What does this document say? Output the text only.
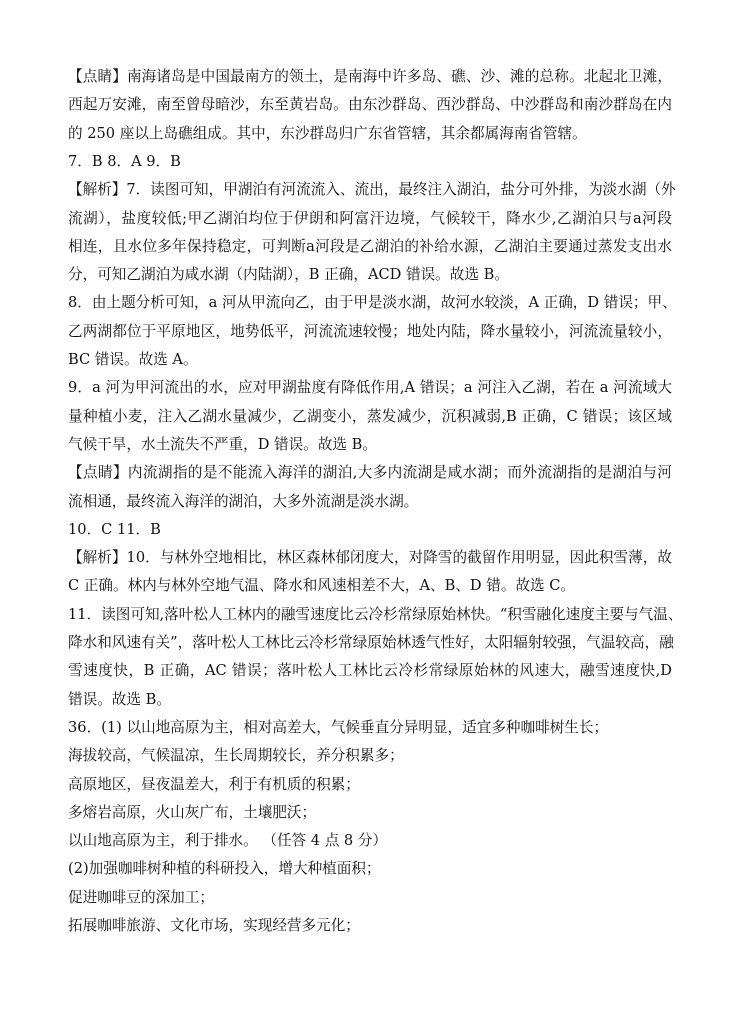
【点睛】南海诸岛是中国最南方的领土，是南海中许多岛、礁、沙、滩的总称。北起北卫滩，
西起万安滩，南至曾母暗沙，东至黄岩岛。由东沙群岛、西沙群岛、中沙群岛和南沙群岛在内
的 250 座以上岛礁组成。其中，东沙群岛归广东省管辖，其余都属海南省管辖。
7．B 8．A 9．B
【解析】7．读图可知，甲湖泊有河流流入、流出，最终注入湖泊，盐分可外排，为淡水湖（外
流湖），盐度较低;甲乙湖泊均位于伊朗和阿富汗边境，气候较干，降水少,乙湖泊只与a河段
相连，且水位多年保持稳定，可判断a河段是乙湖泊的补给水源，乙湖泊主要通过蒸发支出水
分，可知乙湖泊为咸水湖（内陆湖），B 正确，ACD 错误。故选 B。
8．由上题分析可知，a 河从甲流向乙，由于甲是淡水湖，故河水较淡，A 正确，D 错误；甲、
乙两湖都位于平原地区，地势低平，河流流速较慢；地处内陆，降水量较小，河流流量较小，
BC 错误。故选 A。
9．a 河为甲河流出的水，应对甲湖盐度有降低作用,A 错误；a 河注入乙湖，若在 a 河流域大
量种植小麦，注入乙湖水量减少，乙湖变小，蒸发减少，沉积减弱,B 正确，C 错误；该区域
气候干旱，水土流失不严重，D 错误。故选 B。
【点睛】内流湖指的是不能流入海洋的湖泊,大多内流湖是咸水湖；而外流湖指的是湖泊与河
流相通，最终流入海洋的湖泊，大多外流湖是淡水湖。
10．C 11．B
【解析】10．与林外空地相比，林区森林郁闭度大，对降雪的截留作用明显，因此积雪薄，故
C 正确。林内与林外空地气温、降水和风速相差不大，A、B、D 错。故选 C。
11．读图可知,落叶松人工林内的融雪速度比云冷杉常绿原始林快。“积雪融化速度主要与气温、
降水和风速有关”，落叶松人工林比云冷杉常绿原始林透气性好，太阳辐射较强，气温较高，融
雪速度快，B 正确，AC 错误；落叶松人工林比云冷杉常绿原始林的风速大，融雪速度快,D
错误。故选 B。
36．(1) 以山地高原为主，相对高差大，气候垂直分异明显，适宜多种咖啡树生长；
海拔较高，气候温凉，生长周期较长，养分积累多；
高原地区，昼夜温差大，利于有机质的积累；
多熔岩高原，火山灰广布，土壤肥沃；
以山地高原为主，利于排水。 （任答 4 点 8 分）
(2)加强咖啡树种植的科研投入，增大种植面积；
促进咖啡豆的深加工；
拓展咖啡旅游、文化市场，实现经营多元化；
